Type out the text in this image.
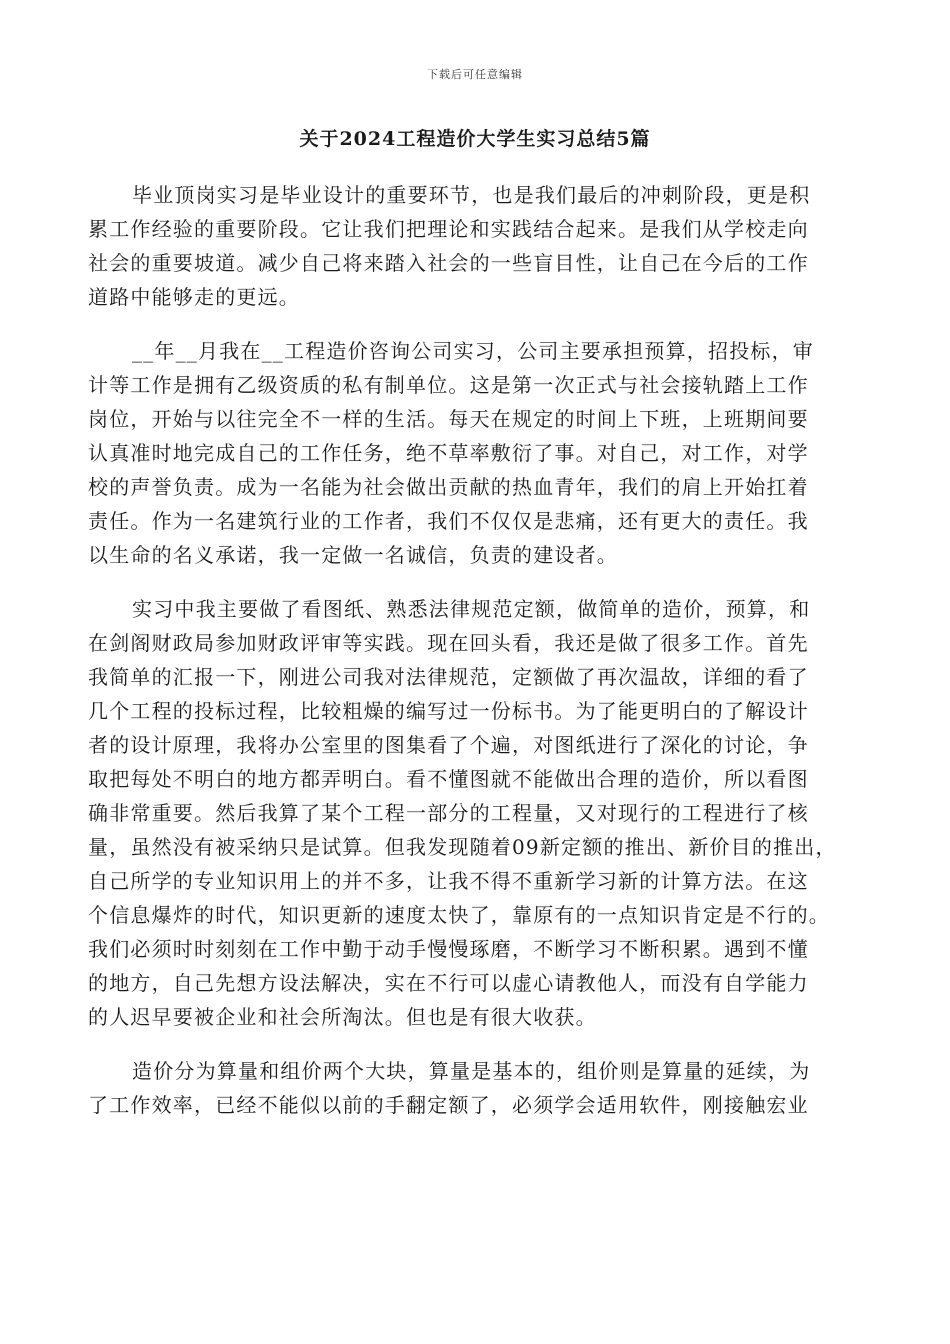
下载后可任意编辑
关于2024工程造价大学生实习总结5篇
毕业顶岗实习是毕业设计的重要环节，也是我们最后的冲刺阶段，更是积
累工作经验的重要阶段。它让我们把理论和实践结合起来。是我们从学校走向
社会的重要坡道。减少自己将来踏入社会的一些盲目性，让自己在今后的工作
道路中能够走的更远。
__年__月我在__工程造价咨询公司实习，公司主要承担预算，招投标，审
计等工作是拥有乙级资质的私有制单位。这是第一次正式与社会接轨踏上工作
岗位，开始与以往完全不一样的生活。每天在规定的时间上下班，上班期间要
认真准时地完成自己的工作任务，绝不草率敷衍了事。对自己，对工作，对学
校的声誉负责。成为一名能为社会做出贡献的热血青年，我们的肩上开始扛着
责任。作为一名建筑行业的工作者，我们不仅仅是悲痛，还有更大的责任。我
以生命的名义承诺，我一定做一名诚信，负责的建设者。
实习中我主要做了看图纸、熟悉法律规范定额，做简单的造价，预算，和
在剑阁财政局参加财政评审等实践。现在回头看，我还是做了很多工作。首先
我简单的汇报一下，刚进公司我对法律规范，定额做了再次温故，详细的看了
几个工程的投标过程，比较粗燥的编写过一份标书。为了能更明白的了解设计
者的设计原理，我将办公室里的图集看了个遍，对图纸进行了深化的讨论，争
取把每处不明白的地方都弄明白。看不懂图就不能做出合理的造价，所以看图
确非常重要。然后我算了某个工程一部分的工程量，又对现行的工程进行了核
量，虽然没有被采纳只是试算。但我发现随着09新定额的推出、新价目的推出，
自己所学的专业知识用上的并不多，让我不得不重新学习新的计算方法。在这
个信息爆炸的时代，知识更新的速度太快了，靠原有的一点知识肯定是不行的。
我们必须时时刻刻在工作中勤于动手慢慢琢磨，不断学习不断积累。遇到不懂
的地方，自己先想方设法解决，实在不行可以虚心请教他人，而没有自学能力
的人迟早要被企业和社会所淘汰。但也是有很大收获。
造价分为算量和组价两个大块，算量是基本的，组价则是算量的延续，为
了工作效率，已经不能似以前的手翻定额了，必须学会适用软件，刚接触宏业
